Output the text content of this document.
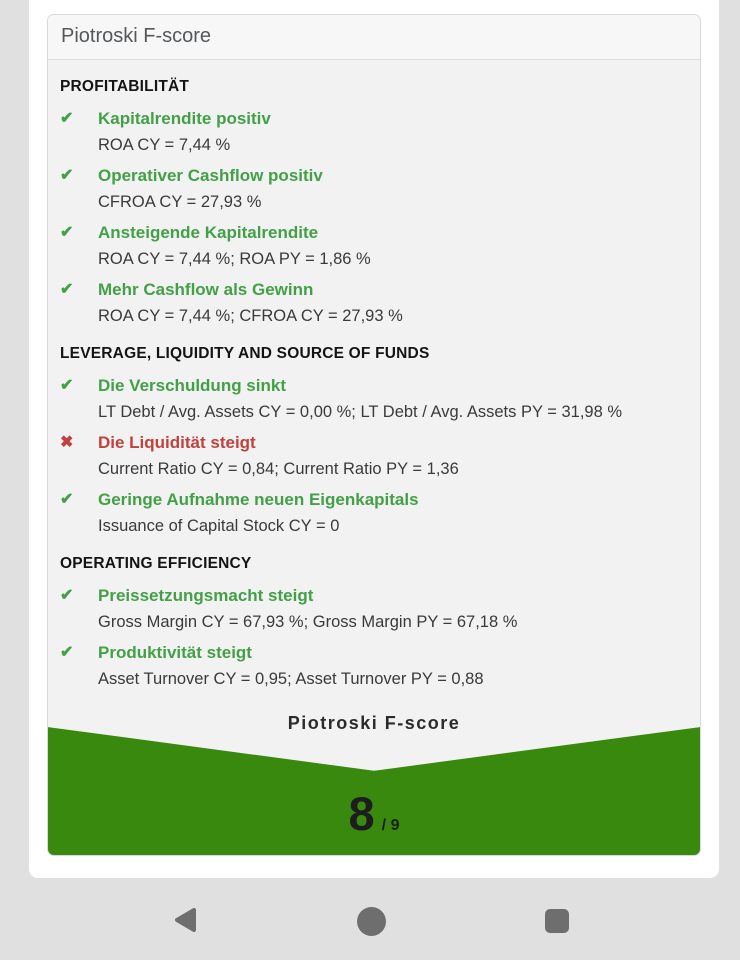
Piotroski F-score
PROFITABILITÄT
✔	Kapitalrendite positiv
ROA CY = 7,44 %
✔	Operativer Cashflow positiv
CFROA CY = 27,93 %
✔	Ansteigende Kapitalrendite
ROA CY = 7,44 %; ROA PY = 1,86 %
✔	Mehr Cashflow als Gewinn
ROA CY = 7,44 %; CFROA CY = 27,93 %
LEVERAGE, LIQUIDITY AND SOURCE OF FUNDS
✔	Die Verschuldung sinkt
LT Debt / Avg. Assets CY = 0,00 %; LT Debt / Avg. Assets PY = 31,98 %
✖	Die Liquidität steigt
Current Ratio CY = 0,84; Current Ratio PY = 1,36
✔	Geringe Aufnahme neuen Eigenkapitals
Issuance of Capital Stock CY = 0
OPERATING EFFICIENCY
✔	Preissetzungsmacht steigt
Gross Margin CY = 67,93 %; Gross Margin PY = 67,18 %
✔	Produktivität steigt
Asset Turnover CY = 0,95; Asset Turnover PY = 0,88
Piotroski F-score
8 / 9
